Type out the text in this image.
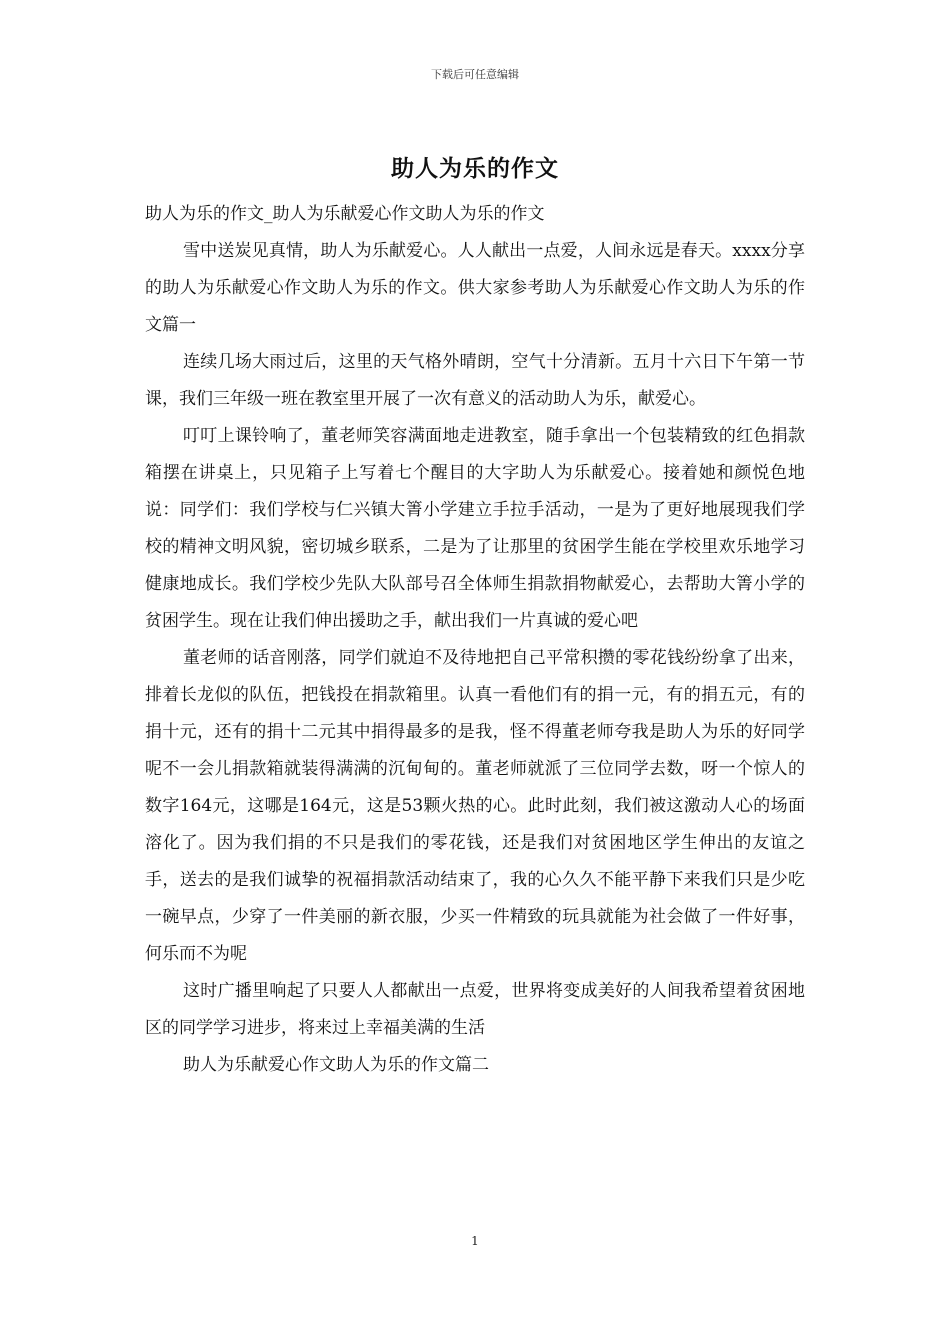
下载后可任意编辑
助人为乐的作文

助人为乐的作文_助人为乐献爱心作文助人为乐的作文

雪中送炭见真情，助人为乐献爱心。人人献出一点爱，人间永远是春天。xxxx分享的助人为乐献爱心作文助人为乐的作文。供大家参考助人为乐献爱心作文助人为乐的作文篇一

连续几场大雨过后，这里的天气格外晴朗，空气十分清新。五月十六日下午第一节课，我们三年级一班在教室里开展了一次有意义的活动助人为乐，献爱心。

叮叮上课铃响了，董老师笑容满面地走进教室，随手拿出一个包装精致的红色捐款箱摆在讲桌上，只见箱子上写着七个醒目的大字助人为乐献爱心。接着她和颜悦色地说：同学们：我们学校与仁兴镇大箐小学建立手拉手活动，一是为了更好地展现我们学校的精神文明风貌，密切城乡联系，二是为了让那里的贫困学生能在学校里欢乐地学习健康地成长。我们学校少先队大队部号召全体师生捐款捐物献爱心，去帮助大箐小学的贫困学生。现在让我们伸出援助之手，献出我们一片真诚的爱心吧

董老师的话音刚落，同学们就迫不及待地把自己平常积攒的零花钱纷纷拿了出来，排着长龙似的队伍，把钱投在捐款箱里。认真一看他们有的捐一元，有的捐五元，有的捐十元，还有的捐十二元其中捐得最多的是我，怪不得董老师夸我是助人为乐的好同学呢不一会儿捐款箱就装得满满的沉甸甸的。董老师就派了三位同学去数，呀一个惊人的数字164元，这哪是164元，这是53颗火热的心。此时此刻，我们被这激动人心的场面溶化了。因为我们捐的不只是我们的零花钱，还是我们对贫困地区学生伸出的友谊之手，送去的是我们诚挚的祝福捐款活动结束了，我的心久久不能平静下来我们只是少吃一碗早点，少穿了一件美丽的新衣服，少买一件精致的玩具就能为社会做了一件好事，何乐而不为呢

这时广播里响起了只要人人都献出一点爱，世界将变成美好的人间我希望着贫困地区的同学学习进步，将来过上幸福美满的生活

助人为乐献爱心作文助人为乐的作文篇二

1
